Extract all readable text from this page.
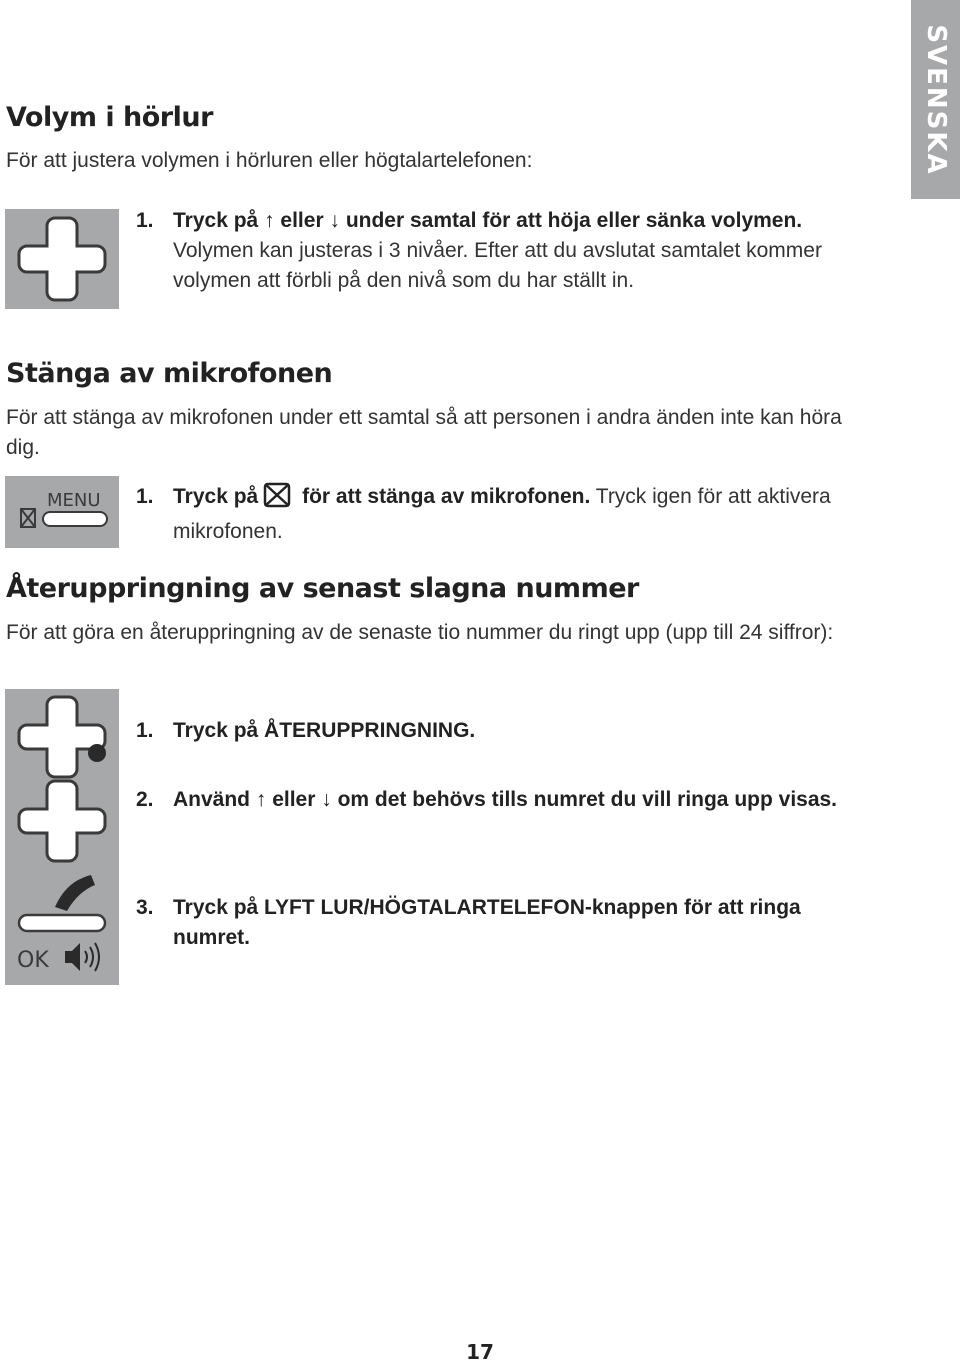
SVENSKA
Volym i hörlur

För att justera volymen i hörluren eller högtalartelefonen:

1. Tryck på ↑ eller ↓ under samtal för att höja eller sänka volymen. Volymen kan justeras i 3 nivåer. Efter att du avslutat samtalet kommer volymen att förbli på den nivå som du har ställt in.
Stänga av mikrofonen

För att stänga av mikrofonen under ett samtal så att personen i andra änden inte kan höra dig.

MENU 1. Tryck på för att stänga av mikrofonen. Tryck igen för att aktivera mikrofonen.
Återuppringning av senast slagna nummer

För att göra en återuppringning av de senaste tio nummer du ringt upp (upp till 24 siffror):

OK
1. Tryck på ÅTERUPPRINGNING.
2. Använd ↑ eller ↓ om det behövs tills numret du vill ringa upp visas.
3. Tryck på LYFT LUR/HÖGTALARTELEFON-knappen för att ringa numret.
17
